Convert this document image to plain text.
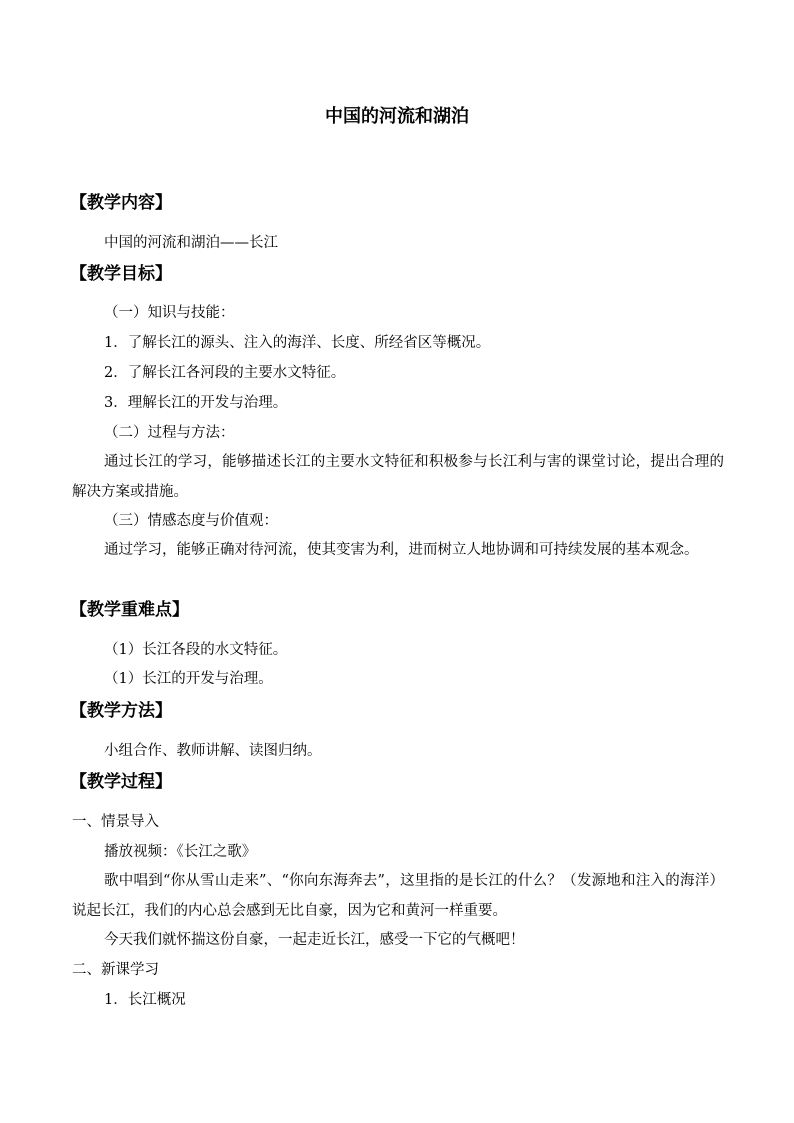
中国的河流和湖泊
【教学内容】
中国的河流和湖泊——长江
【教学目标】
（一）知识与技能：
1．了解长江的源头、注入的海洋、长度、所经省区等概况。
2．了解长江各河段的主要水文特征。
3．理解长江的开发与治理。
（二）过程与方法：
通过长江的学习，能够描述长江的主要水文特征和积极参与长江利与害的课堂讨论，提出合理的解决方案或措施。
（三）情感态度与价值观：
通过学习，能够正确对待河流，使其变害为利，进而树立人地协调和可持续发展的基本观念。
【教学重难点】
（1）长江各段的水文特征。
（1）长江的开发与治理。
【教学方法】
小组合作、教师讲解、读图归纳。
【教学过程】
一、情景导入
播放视频：《长江之歌》
歌中唱到“你从雪山走来”、“你向东海奔去”，这里指的是长江的什么？（发源地和注入的海洋）说起长江，我们的内心总会感到无比自豪，因为它和黄河一样重要。
今天我们就怀揣这份自豪，一起走近长江，感受一下它的气概吧！
二、新课学习
1．长江概况
